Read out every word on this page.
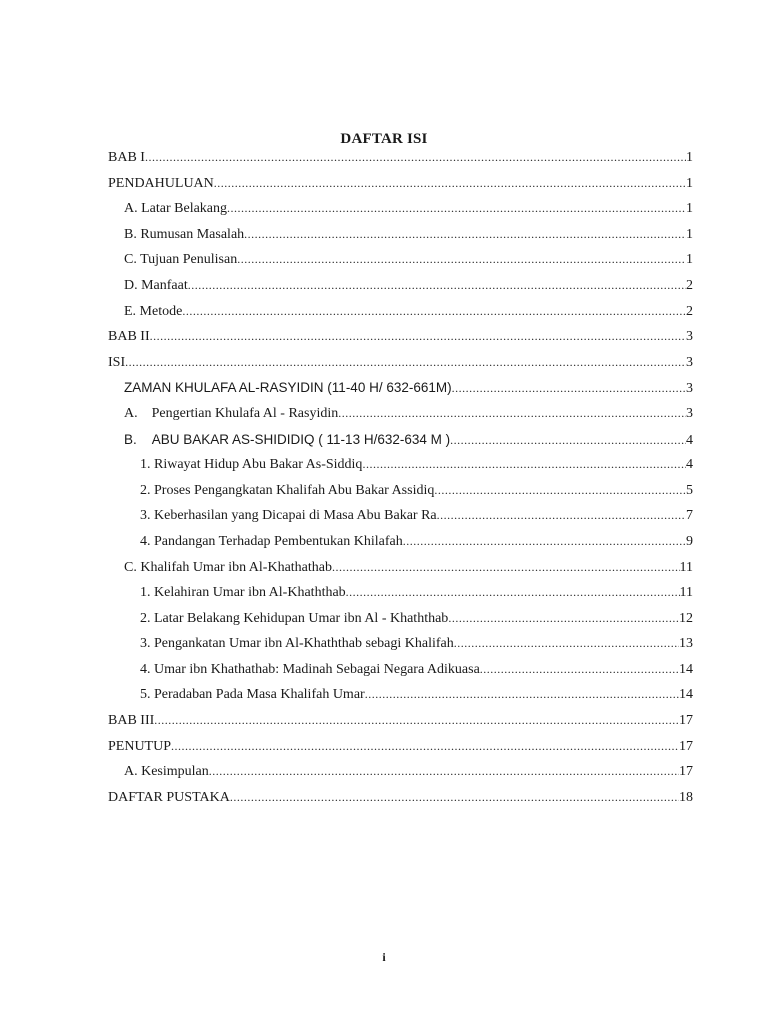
DAFTAR ISI
BAB I .....	1
PENDAHULUAN .....	1
A. Latar Belakang .....	1
B. Rumusan Masalah .....	1
C. Tujuan Penulisan .....	1
D. Manfaat .....	2
E. Metode .....	2
BAB II .....	3
ISI .....	3
ZAMAN KHULAFA AL-RASYIDIN (11-40 H/ 632-661M) .....	3
A.    Pengertian Khulafa Al - Rasyidin .....	3
B.    ABU BAKAR AS-SHIDIDIQ ( 11-13 H/632-634 M ) .....	4
1. Riwayat Hidup Abu Bakar As-Siddiq .....	4
2. Proses Pengangkatan Khalifah Abu Bakar Assidiq .....	5
3. Keberhasilan yang Dicapai di Masa Abu Bakar Ra .....	7
4. Pandangan Terhadap Pembentukan Khilafah .....	9
C. Khalifah Umar ibn Al-Khathathab .....	11
1. Kelahiran Umar ibn Al-Khaththab .....	11
2. Latar Belakang Kehidupan Umar ibn Al - Khaththab .....	12
3. Pengankatan Umar ibn Al-Khaththab sebagi Khalifah .....	13
4. Umar ibn Khathathab: Madinah Sebagai Negara Adikuasa .....	14
5. Peradaban Pada Masa Khalifah Umar .....	14
BAB III .....	17
PENUTUP .....	17
A. Kesimpulan .....	17
DAFTAR PUSTAKA .....	18
i
